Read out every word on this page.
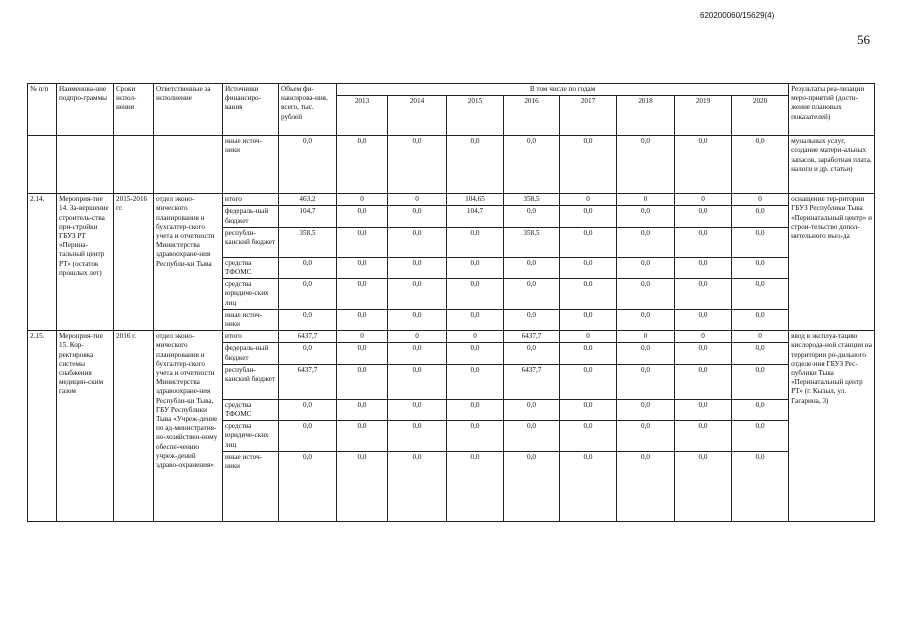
620200060/15629(4)
56
№ п/п	Наименова-ние подпро-граммы	Сроки испол-нения	Ответственные за исполнение	Источники финансиро-вания	Объем фи-нансирова-ния, всего, тыс. рублей	В том числе по годам								Результаты реа-лизации меро-приятий (дости-жение плановых показателей)
						2013	2014	2015	2016	2017	2018	2019	2020	
				иные источ-ники	0,0	0,0	0,0	0,0	0,0	0,0	0,0	0,0	0,0	мунальных услуг, создание матери-альных запасов, заработная плата, налоги и др. статьи)
2.14.	Мероприя-тие 14. За-вершение строитель-ства при-стройки ГБУЗ РТ «Перина-тальный центр РТ» (остаток прошлых лет)	2015-2016 гг.	отдел эконо-мического планирования и бухгалтер-ского учета и отчетности Министерства здравоохране-ния Республи-ки Тыва	итого	463,2	0	0	104,65	358,5	0	0	0	0	оснащение тер-ритории ГБУЗ Республики Тыва «Перинатальный центр» и строи-тельство допол-нительного въез-да
				федераль-ный бюджет	104,7	0,0	0,0	104,7	0,0	0,0	0,0	0,0	0,0	
				республи-канский бюджет	358,5	0,0	0,0	0,0	358,5	0,0	0,0	0,0	0,0	
				средства ТФОМС	0,0	0,0	0,0	0,0	0,0	0,0	0,0	0,0	0,0	
				средства юридиче-ских лиц	0,0	0,0	0,0	0,0	0,0	0,0	0,0	0,0	0,0	
				иные источ-ники	0,0	0,0	0,0	0,0	0,0	0,0	0,0	0,0	0,0	
2.15.	Мероприя-тие 15. Кор-ректировка системы снабжения медицин-ским газом	2016 г.	отдел эконо-мического планирования и бухгалтер-ского учета и отчетности Министерства здравоохране-ния Республи-ки Тыва, ГБУ Республики Тыва «Учреж-дение по ад-министратив-но-хозяйствен-ному обеспе-чению учреж-дений здраво-охранения»	итого	6437,7	0	0	0	6437,7	0	0	0	0	ввод в эксплуа-тацию кислорода-ной станции на территории ро-дильного отделе-ния ГБУЗ Рес-публики Тыва «Перинатальный центр РТ» (г. Кызыл, ул. Гагарина, 3)
				федераль-ный бюджет	0,0	0,0	0,0	0,0	0,0	0,0	0,0	0,0	0,0	
				республи-канский бюджет	6437,7	0,0	0,0	0,0	6437,7	0,0	0,0	0,0	0,0	
				средства ТФОМС	0,0	0,0	0,0	0,0	0,0	0,0	0,0	0,0	0,0	
				средства юридиче-ских лиц	0,0	0,0	0,0	0,0	0,0	0,0	0,0	0,0	0,0	
				иные источ-ники	0,0	0,0	0,0	0,0	0,0	0,0	0,0	0,0	0,0	
